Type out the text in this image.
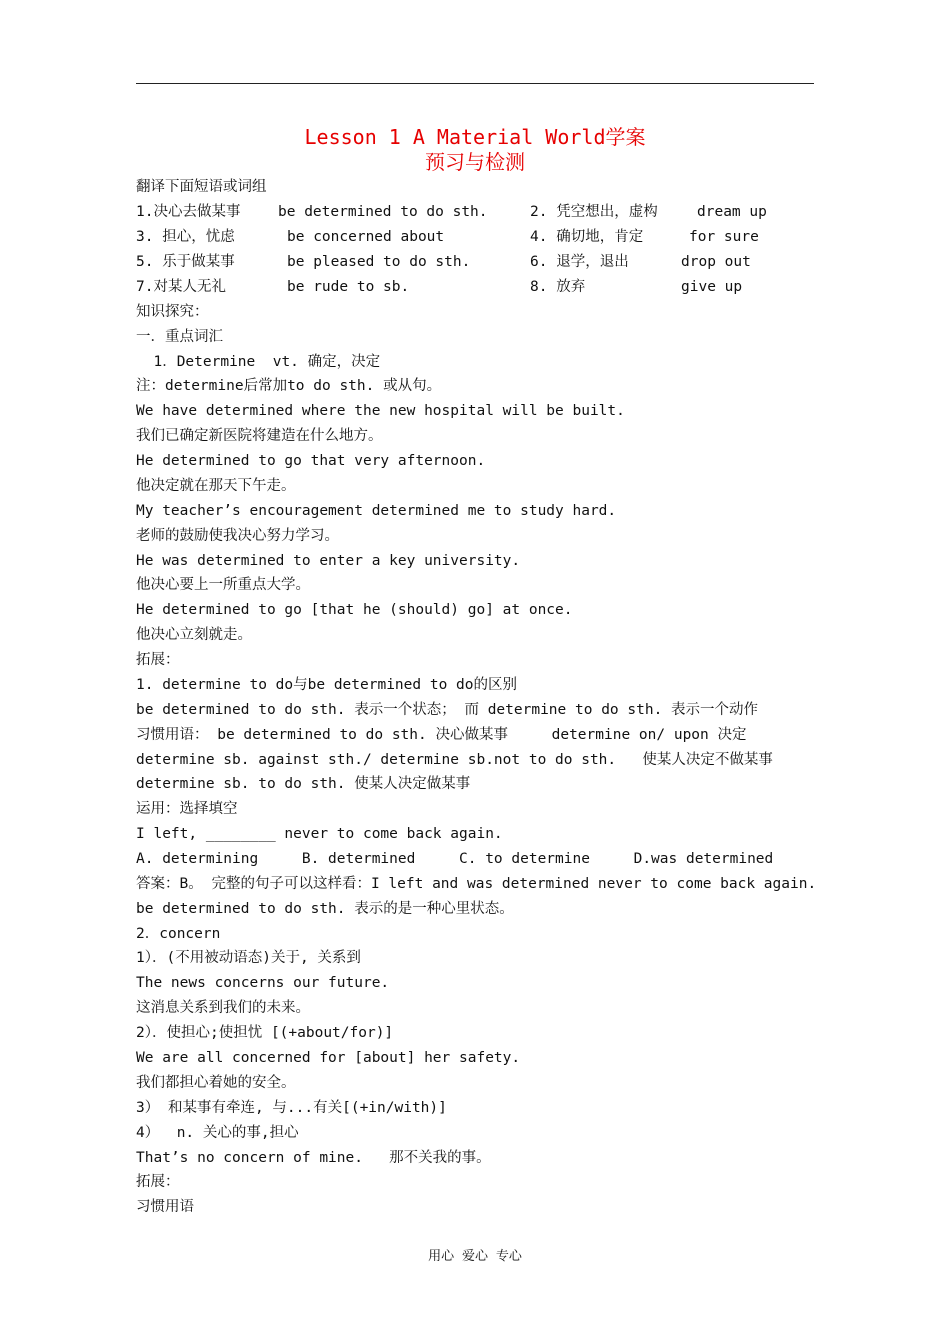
Lesson 1 A Material World学案
预习与检测
翻译下面短语或词组
1.决心去做某事	be determined to do sth.	2. 凭空想出，虚构	dream up
3. 担心，忧虑	be concerned about	4. 确切地，肯定	for sure
5. 乐于做某事	be pleased to do sth.	6. 退学，退出	drop out
7.对某人无礼	be rude to sb.	8. 放弃	give up
知识探究：
一．重点词汇
1．Determine  vt. 确定，决定
注：determine后常加to do sth. 或从句。
We have determined where the new hospital will be built.
我们已确定新医院将建造在什么地方。
He determined to go that very afternoon.
他决定就在那天下午走。
My teacher’s encouragement determined me to study hard.
老师的鼓励使我决心努力学习。
He was determined to enter a key university.
他决心要上一所重点大学。
He determined to go [that he (should) go] at once.
他决心立刻就走。
拓展：
1. determine to do与be determined to do的区别
be determined to do sth. 表示一个状态； 而 determine to do sth. 表示一个动作
习惯用语： be determined to do sth. 决心做某事     determine on/ upon 决定
determine sb. against sth./ determine sb.not to do sth.   使某人决定不做某事
determine sb. to do sth. 使某人决定做某事
运用：选择填空
I left, ________ never to come back again.
A. determining     B. determined     C. to determine     D.was determined
答案：B。 完整的句子可以这样看：I left and was determined never to come back again.
be determined to do sth. 表示的是一种心里状态。
2．concern
1）．(不用被动语态)关于, 关系到
The news concerns our future.
这消息关系到我们的未来。
2）．使担心;使担忧 [(+about/for)]
We are all concerned for [about] her safety.
我们都担心着她的安全。
3） 和某事有牵连, 与...有关[(+in/with)]
4）  n. 关心的事,担心
That’s no concern of mine.   那不关我的事。
拓展：
习惯用语
用心 爱心 专心
